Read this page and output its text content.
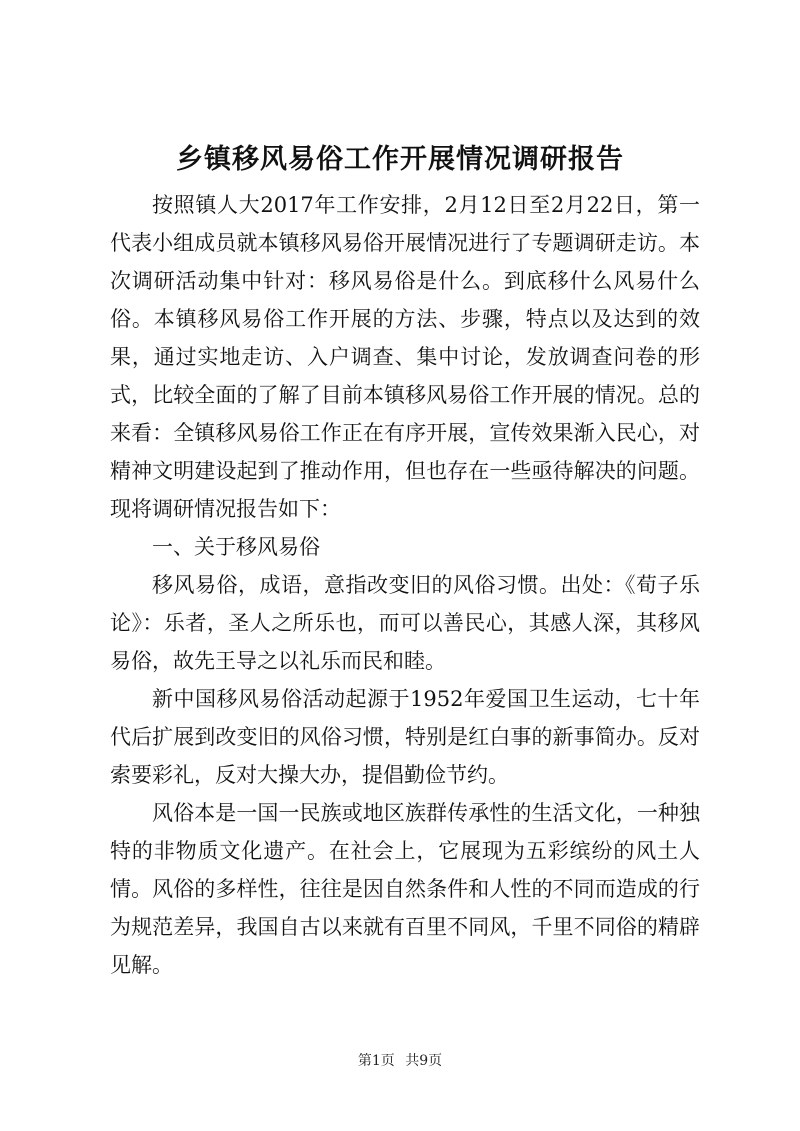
乡镇移风易俗工作开展情况调研报告

按照镇人大2017年工作安排，2月12日至2月22日，第一代表小组成员就本镇移风易俗开展情况进行了专题调研走访。本次调研活动集中针对：移风易俗是什么。到底移什么风易什么俗。本镇移风易俗工作开展的方法、步骤，特点以及达到的效果，通过实地走访、入户调查、集中讨论，发放调查问卷的形式，比较全面的了解了目前本镇移风易俗工作开展的情况。总的来看：全镇移风易俗工作正在有序开展，宣传效果渐入民心，对精神文明建设起到了推动作用，但也存在一些亟待解决的问题。现将调研情况报告如下：

一、关于移风易俗

移风易俗，成语，意指改变旧的风俗习惯。出处：《荀子乐论》：乐者，圣人之所乐也，而可以善民心，其感人深，其移风易俗，故先王导之以礼乐而民和睦。

新中国移风易俗活动起源于1952年爱国卫生运动，七十年代后扩展到改变旧的风俗习惯，特别是红白事的新事简办。反对索要彩礼，反对大操大办，提倡勤俭节约。

风俗本是一国一民族或地区族群传承性的生活文化，一种独特的非物质文化遗产。在社会上，它展现为五彩缤纷的风土人情。风俗的多样性，往往是因自然条件和人性的不同而造成的行为规范差异，我国自古以来就有百里不同风，千里不同俗的精辟见解。

第1页 共9页
